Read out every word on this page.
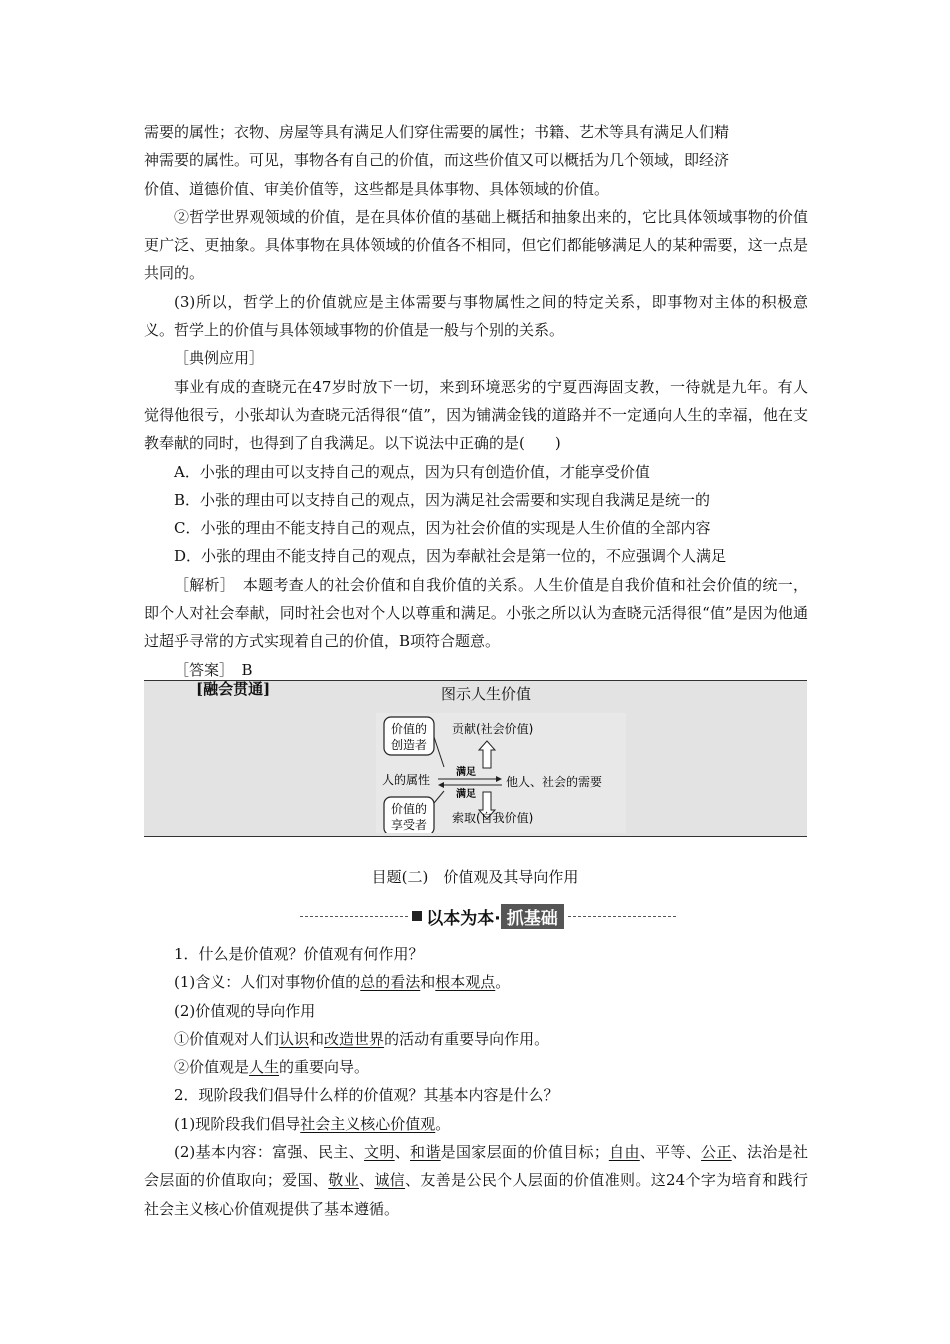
需要的属性；衣物、房屋等具有满足人们穿住需要的属性；书籍、艺术等具有满足人们精

神需要的属性。可见，事物各有自己的价值，而这些价值又可以概括为几个领域，即经济

价值、道德价值、审美价值等，这些都是具体事物、具体领域的价值。

②哲学世界观领域的价值，是在具体价值的基础上概括和抽象出来的，它比具体领域事物的价值更广泛、更抽象。具体事物在具体领域的价值各不相同，但它们都能够满足人的某种需要，这一点是共同的。

(3)所以，哲学上的价值就应是主体需要与事物属性之间的特定关系，即事物对主体的积极意义。哲学上的价值与具体领域事物的价值是一般与个别的关系。

［典例应用］

事业有成的查晓元在47岁时放下一切，来到环境恶劣的宁夏西海固支教，一待就是九年。有人觉得他很亏，小张却认为查晓元活得很“值”，因为铺满金钱的道路并不一定通向人生的幸福，他在支教奉献的同时，也得到了自我满足。以下说法中正确的是(　　)

A．小张的理由可以支持自己的观点，因为只有创造价值，才能享受价值

B．小张的理由可以支持自己的观点，因为满足社会需要和实现自我满足是统一的

C．小张的理由不能支持自己的观点，因为社会价值的实现是人生价值的全部内容

D．小张的理由不能支持自己的观点，因为奉献社会是第一位的，不应强调个人满足

［解析］　本题考查人的社会价值和自我价值的关系。人生价值是自我价值和社会价值的统一，即个人对社会奉献，同时社会也对个人以尊重和满足。小张之所以认为查晓元活得很“值”是因为他通过超乎寻常的方式实现着自己的价值，B项符合题意。

［答案］　B

[融会贯通]	图示人生价值
价值的
创造者
人的属性
满足
满足
他人、社会的需要
贡献(社会价值)
价值的
享受者 索取(自我价值)
目题(二)　价值观及其导向作用
以本为本· 抓基础

1．什么是价值观？价值观有何作用？

(1)含义：人们对事物价值的总的看法和根本观点。

(2)价值观的导向作用

①价值观对人们认识和改造世界的活动有重要导向作用。

②价值观是人生的重要向导。

2．现阶段我们倡导什么样的价值观？其基本内容是什么？

(1)现阶段我们倡导社会主义核心价值观。

(2)基本内容：富强、民主、文明、和谐是国家层面的价值目标；自由、平等、公正、法治是社会层面的价值取向；爱国、敬业、诚信、友善是公民个人层面的价值准则。这24个字为培育和践行社会主义核心价值观提供了基本遵循。
